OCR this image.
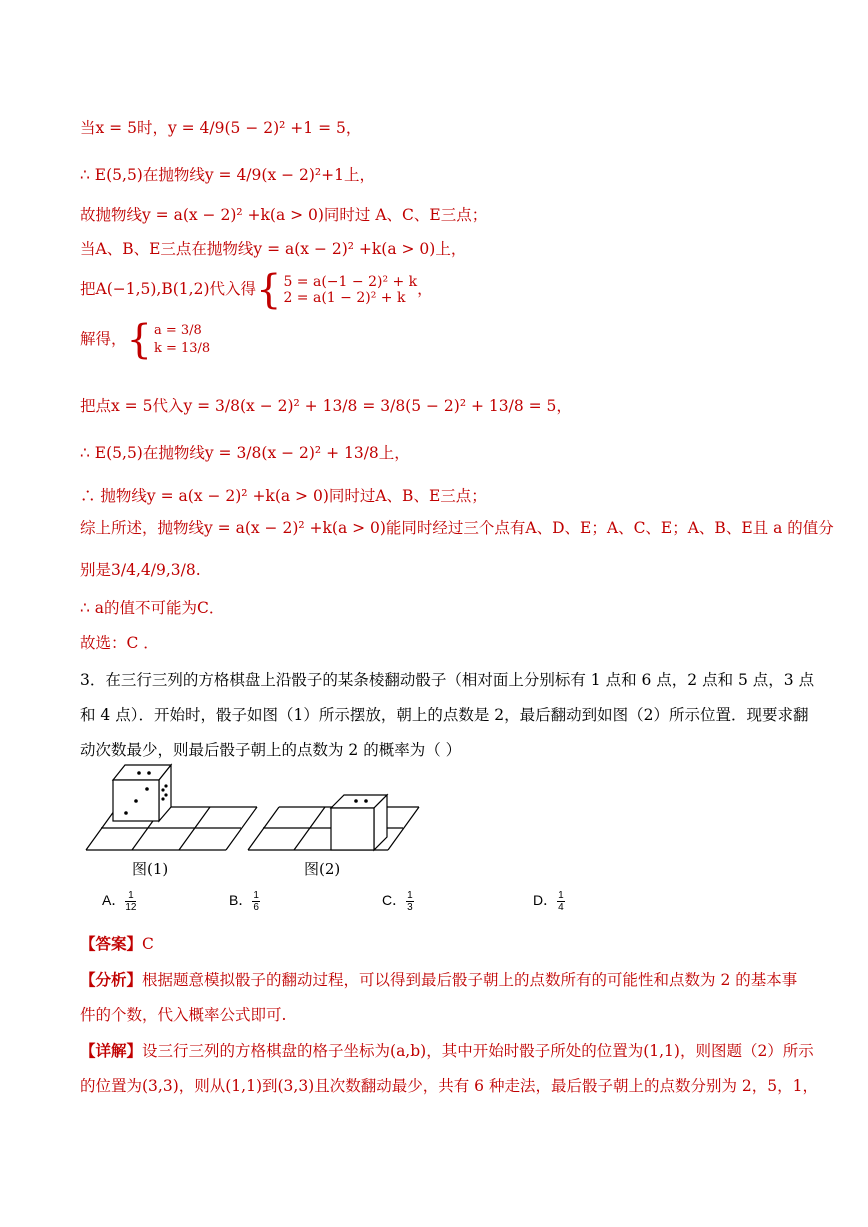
当x = 5时，y = 4/9(5 − 2)² +1 = 5，
∴ E(5,5)在抛物线y = 4/9(x − 2)²+1上，
故抛物线y = a(x − 2)² +k(a > 0)同时过 A、C、E三点；
当A、B、E三点在抛物线y = a(x − 2)² +k(a > 0)上，
把A(−1,5),B(1,2)代入得{ 5 = a(−1 − 2)² + k
2 = a(1 − 2)² + k ，
解得，{ a = 3/8
k = 13/8
把点x = 5代入y = 3/8(x − 2)² + 13/8 = 3/8(5 − 2)² + 13/8 = 5，
∴ E(5,5)在抛物线y = 3/8(x − 2)² + 13/8上，
∴ 抛物线y = a(x − 2)² +k(a > 0)同时过A、B、E三点；
综上所述，抛物线y = a(x − 2)² +k(a > 0)能同时经过三个点有A、D、E；A、C、E；A、B、E且 a 的值分
别是3/4,4/9,3/8.
∴ a的值不可能为C．
故选：C ．
3．在三行三列的方格棋盘上沿骰子的某条棱翻动骰子（相对面上分别标有 1 点和 6 点，2 点和 5 点，3 点
和 4 点）．开始时，骰子如图（1）所示摆放，朝上的点数是 2，最后翻动到如图（2）所示位置．现要求翻
动次数最少，则最后骰子朝上的点数为 2 的概率为（ ）
图(1)	图(2)
A． $\frac{1}{12}$	B． $\frac{1}{6}$	C． $\frac{1}{3}$	D． $\frac{1}{4}$
【答案】C
【分析】根据题意模拟骰子的翻动过程，可以得到最后骰子朝上的点数所有的可能性和点数为 2 的基本事
件的个数，代入概率公式即可.
【详解】设三行三列的方格棋盘的格子坐标为(a,b)，其中开始时骰子所处的位置为(1,1)，则图题（2）所示
的位置为(3,3)，则从(1,1)到(3,3)且次数翻动最少，共有 6 种走法，最后骰子朝上的点数分别为 2，5，1，
